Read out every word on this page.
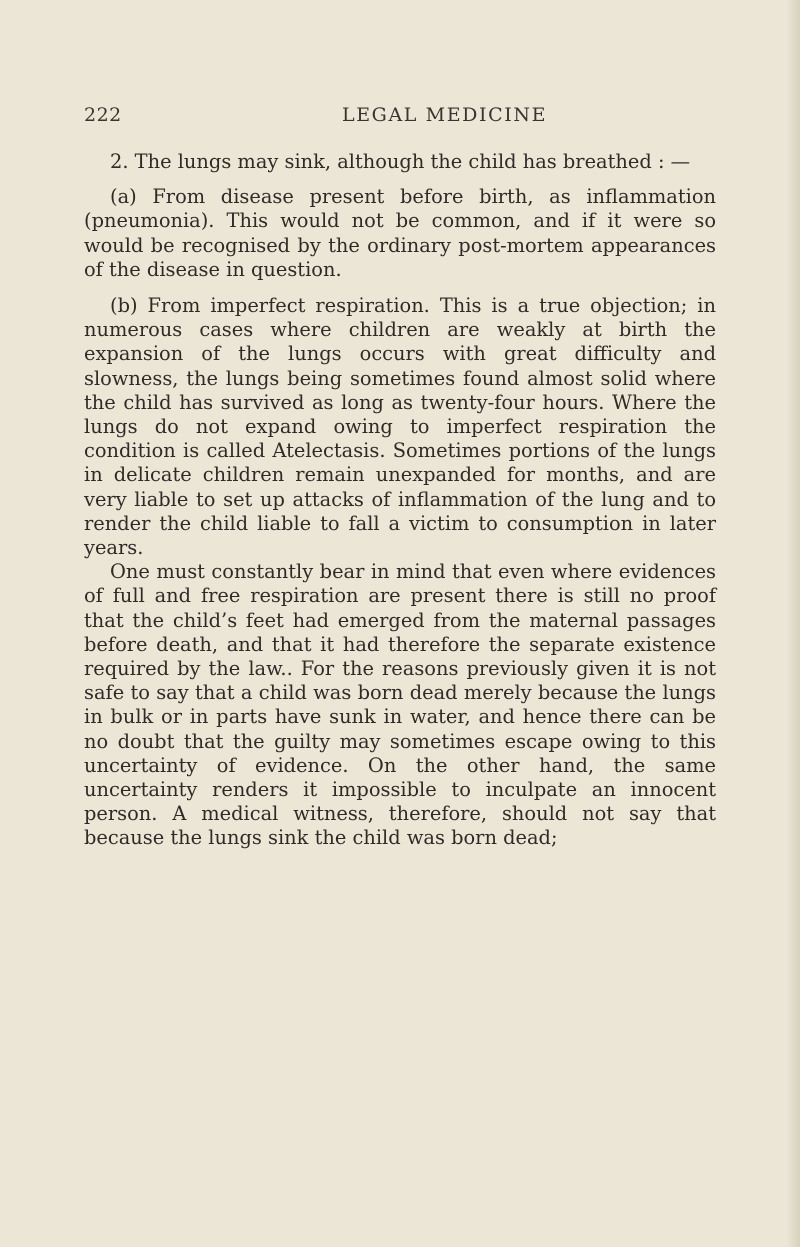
222	LEGAL MEDICINE

2. The lungs may sink, although the child has breathed : —

(a) From disease present before birth, as inflammation (pneumonia). This would not be common, and if it were so would be recognised by the ordinary post-mortem appearances of the disease in question.

(b) From imperfect respiration. This is a true objection; in numerous cases where children are weakly at birth the expansion of the lungs occurs with great difficulty and slowness, the lungs being sometimes found almost solid where the child has survived as long as twenty-four hours. Where the lungs do not expand owing to imperfect respiration the condition is called Atelectasis. Sometimes portions of the lungs in delicate children remain unexpanded for months, and are very liable to set up attacks of inflammation of the lung and to render the child liable to fall a victim to consumption in later years.

One must constantly bear in mind that even where evidences of full and free respiration are present there is still no proof that the child’s feet had emerged from the maternal passages before death, and that it had therefore the separate existence required by the law.. For the reasons previously given it is not safe to say that a child was born dead merely because the lungs in bulk or in parts have sunk in water, and hence there can be no doubt that the guilty may sometimes escape owing to this uncertainty of evidence. On the other hand, the same uncertainty renders it impossible to inculpate an innocent person. A medical witness, therefore, should not say that because the lungs sink the child was born dead;
